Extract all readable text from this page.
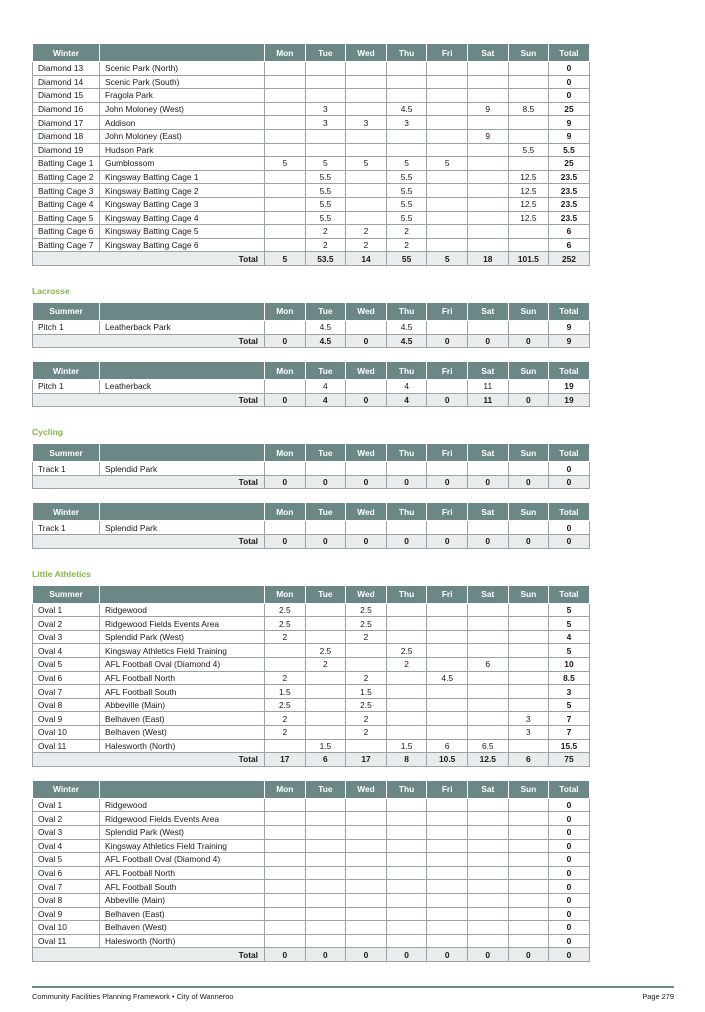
Winter		Mon	Tue	Wed	Thu	Fri	Sat	Sun	Total
Diamond 13	Scenic Park (North)								0
Diamond 14	Scenic Park (South)								0
Diamond 15	Fragola Park								0
Diamond 16	John Moloney (West)		3		4.5		9	8.5	25
Diamond 17	Addison		3	3	3				9
Diamond 18	John Moloney (East)						9		9
Diamond 19	Hudson Park							5.5	5.5
Batting Cage 1	Gumblossom	5	5	5	5	5			25
Batting Cage 2	Kingsway Batting Cage 1		5.5		5.5			12.5	23.5
Batting Cage 3	Kingsway Batting Cage 2		5.5		5.5			12.5	23.5
Batting Cage 4	Kingsway Batting Cage 3		5.5		5.5			12.5	23.5
Batting Cage 5	Kingsway Batting Cage 4		5.5		5.5			12.5	23.5
Batting Cage 6	Kingsway Batting Cage 5		2	2	2				6
Batting Cage 7	Kingsway Batting Cage 6		2	2	2				6
Total		5	53.5	14	55	5	18	101.5	252
Lacrosse
Summer		Mon	Tue	Wed	Thu	Fri	Sat	Sun	Total
Pitch 1	Leatherback Park		4.5		4.5				9
Total		0	4.5	0	4.5	0	0	0	9
Winter		Mon	Tue	Wed	Thu	Fri	Sat	Sun	Total
Pitch 1	Leatherback		4		4		11		19
Total		0	4	0	4	0	11	0	19
Cycling
Summer		Mon	Tue	Wed	Thu	Fri	Sat	Sun	Total
Track 1	Splendid Park								0
Total		0	0	0	0	0	0	0	0
Winter		Mon	Tue	Wed	Thu	Fri	Sat	Sun	Total
Track 1	Splendid Park								0
Total		0	0	0	0	0	0	0	0
Little Athletics
Summer		Mon	Tue	Wed	Thu	Fri	Sat	Sun	Total
Oval 1	Ridgewood	2.5		2.5					5
Oval 2	Ridgewood Fields Events Area	2.5		2.5					5
Oval 3	Splendid Park (West)	2		2					4
Oval 4	Kingsway Athletics Field Training		2.5		2.5				5
Oval 5	AFL Football Oval (Diamond 4)		2		2		6		10
Oval 6	AFL Football North	2		2		4.5			8.5
Oval 7	AFL Football South	1.5		1.5					3
Oval 8	Abbeville (Main)	2.5		2.5					5
Oval 9	Belhaven (East)	2		2				3	7
Oval 10	Belhaven (West)	2		2				3	7
Oval 11	Halesworth (North)		1.5		1.5	6	6.5		15.5
Total		17	6	17	8	10.5	12.5	6	75
Winter		Mon	Tue	Wed	Thu	Fri	Sat	Sun	Total
Oval 1	Ridgewood								0
Oval 2	Ridgewood Fields Events Area								0
Oval 3	Splendid Park (West)								0
Oval 4	Kingsway Athletics Field Training								0
Oval 5	AFL Football Oval (Diamond 4)								0
Oval 6	AFL Football North								0
Oval 7	AFL Football South								0
Oval 8	Abbeville (Main)								0
Oval 9	Belhaven (East)								0
Oval 10	Belhaven (West)								0
Oval 11	Halesworth (North)								0
Total		0	0	0	0	0	0	0	0
Community Facilities Planning Framework • City of Wanneroo	Page 279
